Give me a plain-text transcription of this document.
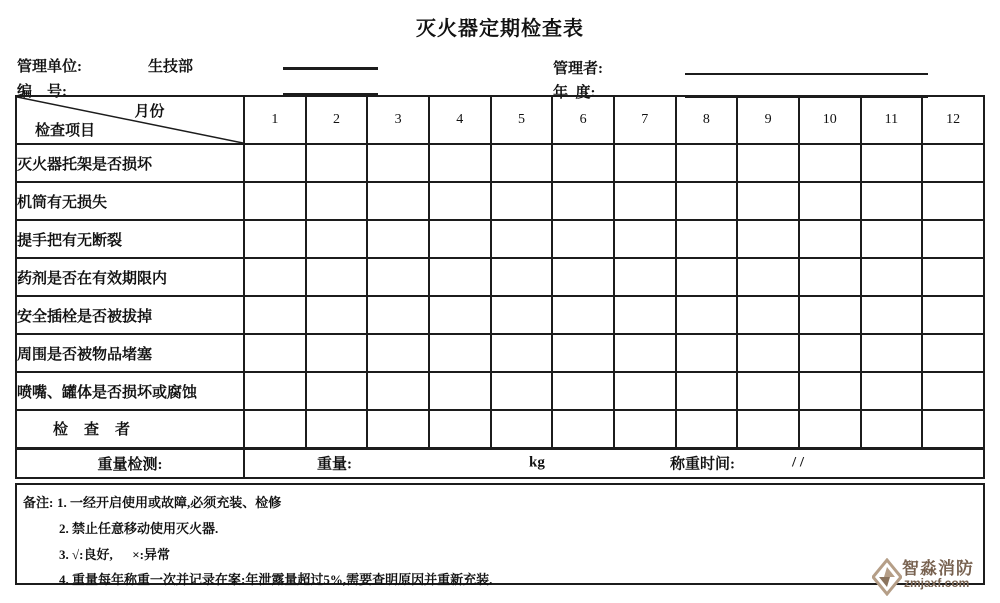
灭火器定期检查表
管理单位:	生技部	管理者:
编    号:	年  度:
月份
检查项目	1	2	3	4	5	6	7	8	9	10	11	12
灭火器托架是否损坏												
机筒有无损失												
提手把有无断裂												
药剂是否在有效期限内												
安全插栓是否被拔掉												
周围是否被物品堵塞												
喷嘴、罐体是否损坏或腐蚀												
检查者												
重量检测:	重量: kg 称重时间: / /											
备注: 1. 一经开启使用或故障,必须充装、检修
2. 禁止任意移动使用灭火器.
3. √:良好,      ×:异常
4. 重量每年称重一次并记录在案:年泄露量超过5%,需要查明原因并重新充装.
智淼消防
zmjaxf.com
